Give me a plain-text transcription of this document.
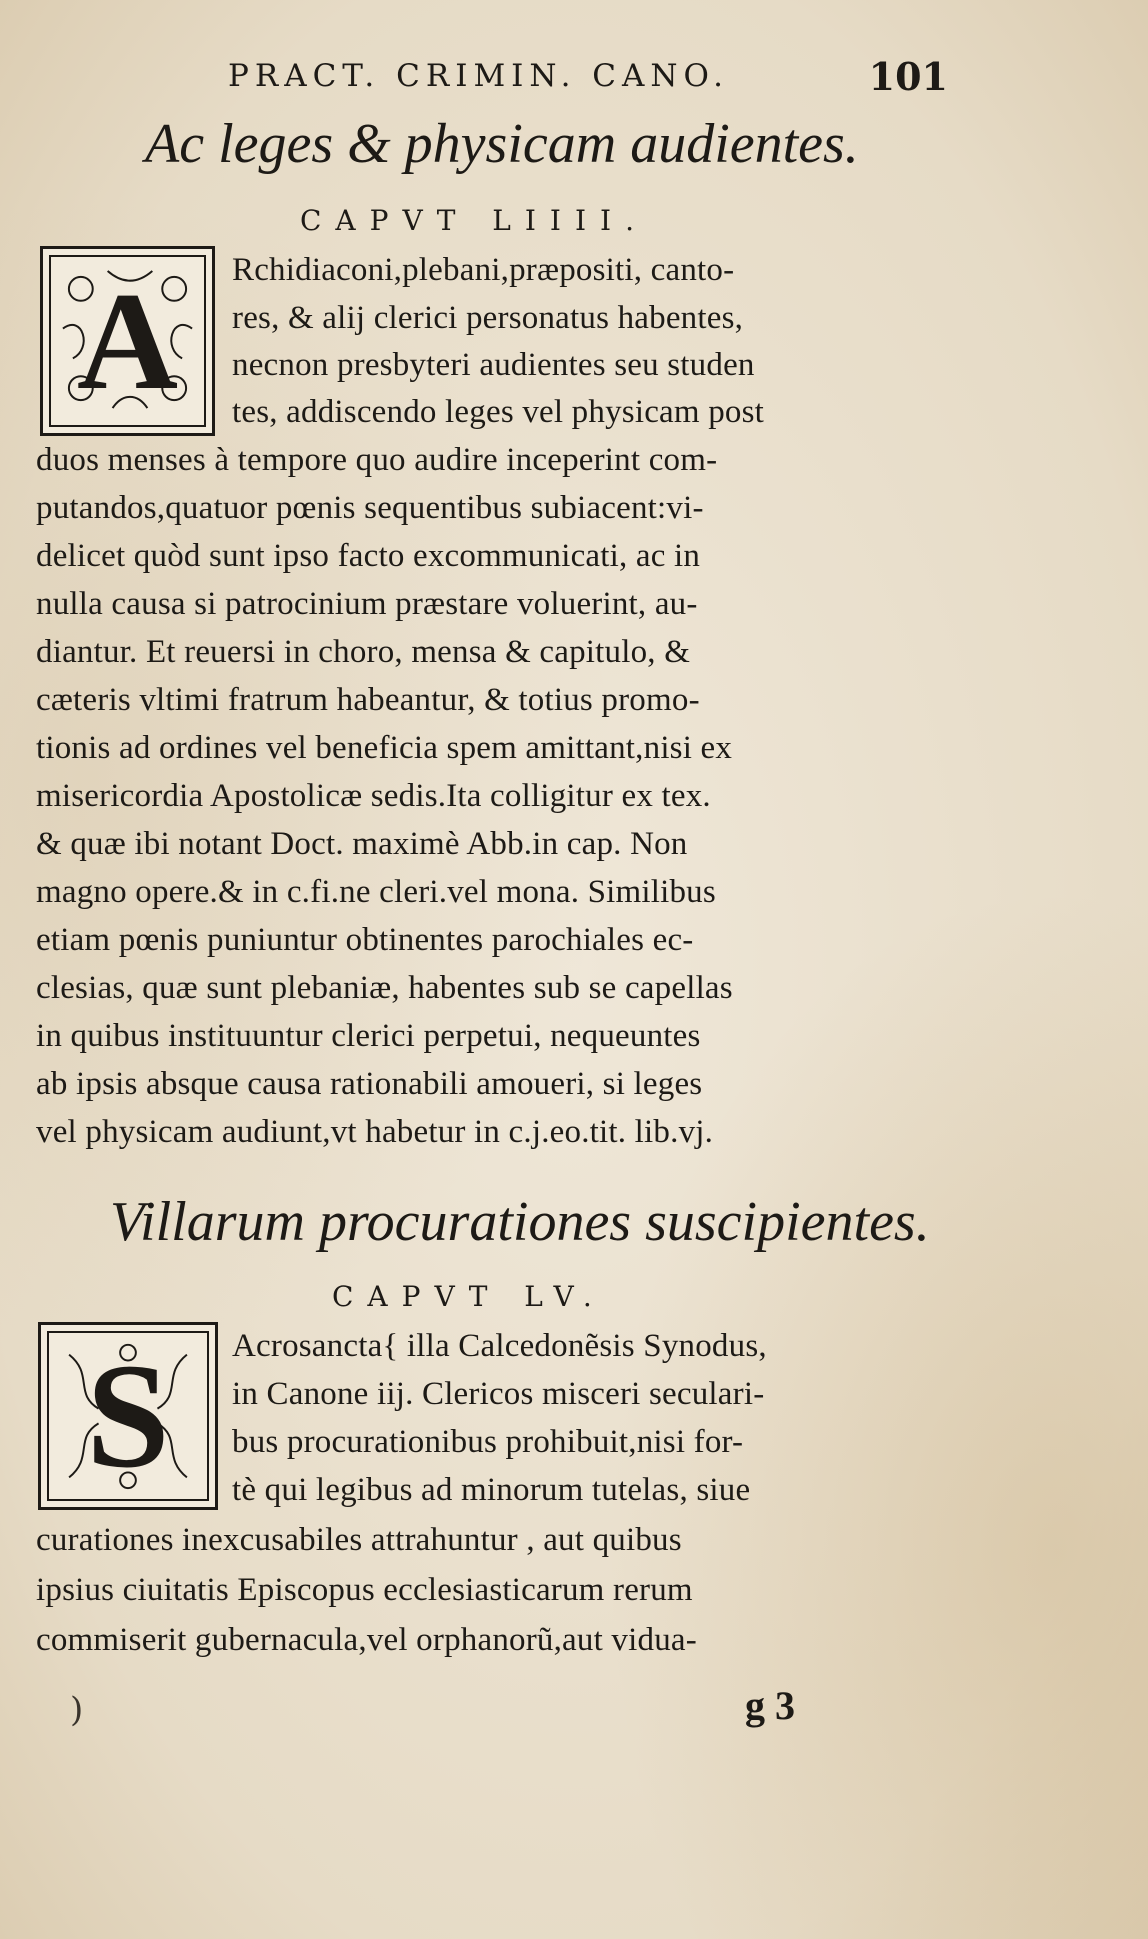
PRACT. CRIMIN. CANO.	101
Ac leges & physicam audientes.
CAPVT LIIII.
A	Rchidiaconi,plebani,præpositi, canto-
res, & alij clerici personatus habentes,
necnon presbyteri audientes seu studen
tes, addiscendo leges vel physicam post
duos menses à tempore quo audire inceperint com-
putandos,quatuor pœnis sequentibus subiacent:vi-
delicet quòd sunt ipso facto excommunicati, ac in
nulla causa si patrocinium præstare voluerint, au-
diantur. Et reuersi in choro, mensa & capitulo, &
cæteris vltimi fratrum habeantur, & totius promo-
tionis ad ordines vel beneficia spem amittant,nisi ex
misericordia Apostolicæ sedis.Ita colligitur ex tex.
& quæ ibi notant Doct. maximè Abb.in cap. Non
magno opere.& in c.fi.ne cleri.vel mona. Similibus
etiam pœnis puniuntur obtinentes parochiales ec-
clesias, quæ sunt plebaniæ, habentes sub se capellas
in quibus instituuntur clerici perpetui, nequeuntes
ab ipsis absque causa rationabili amoueri, si leges
vel physicam audiunt,vt habetur in c.j.eo.tit. lib.vj.
Villarum procurationes suscipientes.
CAPVT LV.
S	Acrosancta{ illa Calcedonẽsis Synodus,
in Canone iij. Clericos misceri seculari-
bus procurationibus prohibuit,nisi for-
tè qui legibus ad minorum tutelas, siue
curationes inexcusabiles attrahuntur , aut quibus
ipsius ciuitatis Episcopus ecclesiasticarum rerum
commiserit gubernacula,vel orphanorũ,aut vidua-
g 3
)
